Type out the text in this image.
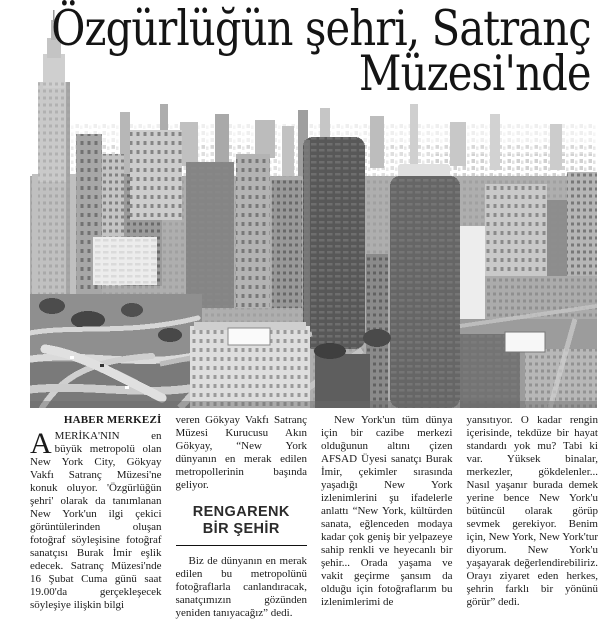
Özgürlüğün şehri, Satranç
Müzesi'nde
HABER MERKEZİ

AMERİKA'NIN en büyük metropolü olan New York City, Gökyay Vakfı Satranç Müzesi'ne konuk oluyor. 'Özgürlüğün şehri' olarak da tanımlanan New York'un ilgi çekici görüntülerinden oluşan fotoğraf söyleşisine fotoğraf sanatçısı Burak İmir eşlik edecek. Satranç Müzesi'nde 16 Şubat Cuma günü saat 19.00'da gerçekleşecek söyleşiye ilişkin bilgi

veren Gökyay Vakfı Satranç Müzesi Kurucusu Akın Gökyay, “New York dünyanın en merak edilen metropollerinin başında geliyor.

RENGARENK
BİR ŞEHİR

Biz de dünyanın en merak edilen bu metropolünü fotoğraflarla canlandıracak, sanatçımızın gözünden yeniden tanıyacağız” dedi.

New York'un tüm dünya için bir cazibe merkezi olduğunun altını çizen AFSAD Üyesi sanatçı Burak İmir, çekimler sırasında yaşadığı New York izlenimlerini şu ifadelerle anlattı “New York, kültürden sanata, eğlenceden modaya kadar çok geniş bir yelpazeye sahip renkli ve heyecanlı bir şehir... Orada yaşama ve vakit geçirme şansım da olduğu için fotoğraflarım bu izlenimlerimi de

yansıtıyor. O kadar rengin içerisinde, tekdüze bir hayat standardı yok mu? Tabi ki var. Yüksek binalar, merkezler, gökdelenler... Nasıl yaşanır burada demek yerine bence New York'u bütüncül olarak görüp sevmek gerekiyor. Benim için, New York, New York'tur diyorum. New York'u yaşayarak değerlendirebiliriz. Orayı ziyaret eden herkes, şehrin farklı bir yönünü görür” dedi.
